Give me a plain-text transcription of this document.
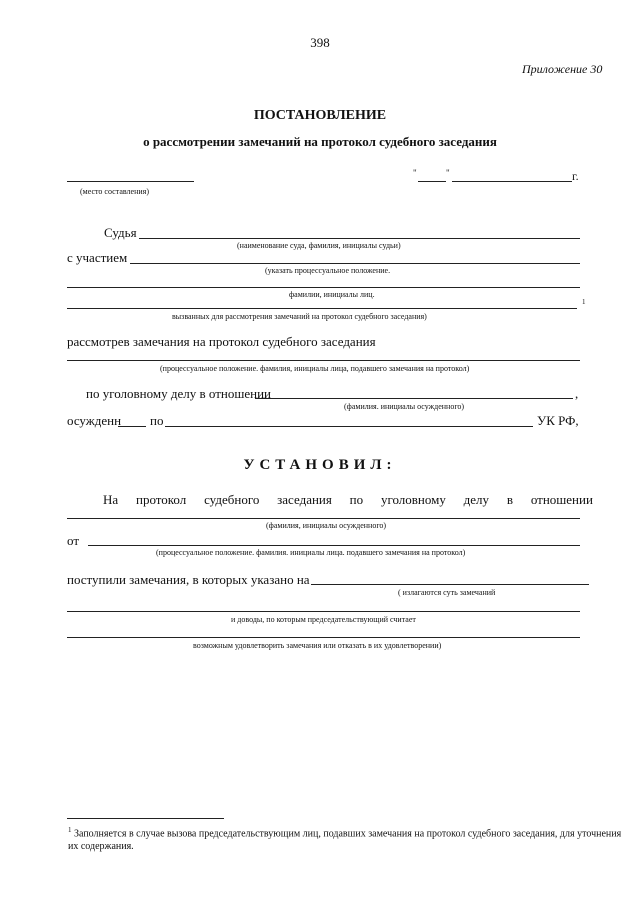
398
Приложение 30
ПОСТАНОВЛЕНИЕ
о рассмотрении замечаний на протокол судебного заседания
(место составления)
"	"	г.
Судья
(наименование суда, фамилия, инициалы судьи)
с участием
(указать процессуальное положение.
фамилии, инициалы лиц.
1
вызванных для рассмотрения замечаний на протокол судебного заседания)
рассмотрев замечания на протокол судебного заседания
(процессуальное положение. фамилия, инициалы лица, подавшего замечания на протокол)
по уголовному делу в отношении	,
(фамилия. инициалы осужденного)
осужденн по	УК РФ,
УСТАНОВИЛ:
На протокол судебного заседания по уголовному делу в отношении
(фамилия, инициалы осужденного)
от
(процессуальное положение. фамилия. инициалы лица. подавшего замечания на протокол)
поступили замечания, в которых указано на
( излагаются суть замечаний
и доводы, по которым председательствующий считает
возможным удовлетворить замечания или отказать в их удовлетворении)
$^1$ Заполняется в случае вызова председательствующим лиц, подавших замечания на протокол судебного заседания, для уточнения их содержания.
